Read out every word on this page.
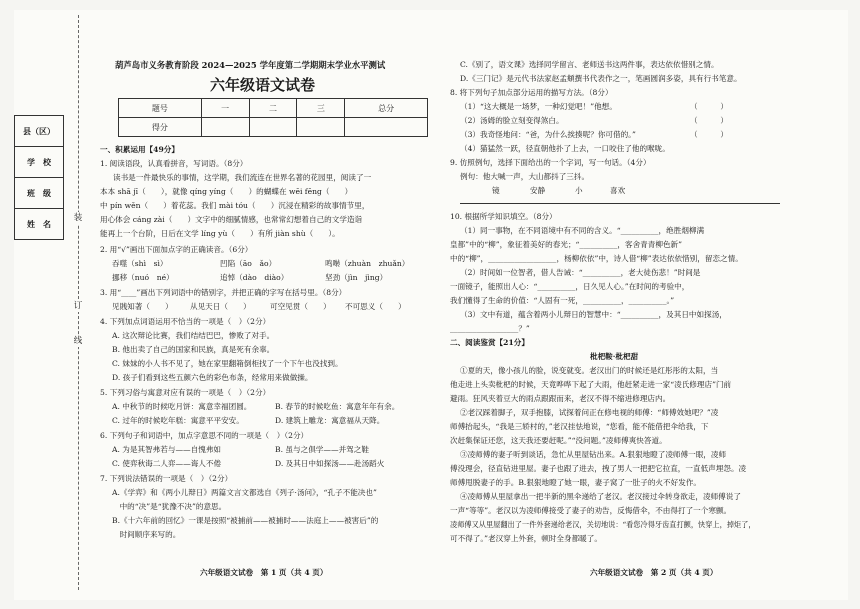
县（区）
学　校
班　级
姓　名
装
订
线
葫芦岛市义务教育阶段 2024—2025 学年度第二学期期末学业水平测试
六年级语文试卷
题号	一	二	三	总分
得分				
一、积累运用【49分】
1. 阅读语段，认真看拼音，写词语。（8分）
读书是一件最快乐的事情，这学期，我们流连在世界名著的花园里，阅读了一
本本 shā jī（　　），就像 qíng yíng（　　）的蝴蝶在 wēi fēng（　　）
中 pín wěn（　　）着花蕊。我们 mài tóu（　　）沉浸在精彩的故事情节里，
用心体会 cáng zài（　　）文字中的细腻情感，也常常幻想着自己的文学造诣
能再上一个台阶，日后在文学 líng yù（　　）有所 jiàn shù（　　）。
2. 用“√”画出下面加点字的正确读音。（6分）
吞噬（shì　sì）	凹陷（āo　ǎo）	鸣啭（zhuàn　zhuǎn）
挪移（nuó　né）	追悼（dào　diào）	坚劲（jìn　jìng）
3. 用“____”画出下列词语中的错别字，并把正确的字写在括号里。（8分）
见賎知著（　　） 从见天日（　　）	可空见贯（　　） 不可思义（　　）
4. 下列加点词语运用不恰当的一项是（　）（2分）
A. 这次辩论比赛，我们结结巴巴，惨败了对手。
B. 他出卖了自己的国家和民族，真是死有余辜。
C. 妹妹的小人书不见了，她在家里翻箱倒柜找了一个下午也没找到。
D. 孩子们看到这些五颜六色的彩色布条，经常用来做做操。
5. 下列习俗与寓意对应有误的一项是（　）（2分）
A. 中秋节的时候吃月饼：寓意幸福团圆。	B. 春节的时候吃鱼：寓意年年有余。
C. 过年的时候吃年糕：寓意平平安安。	D. 建筑上雕龙：寓意福从天降。
6. 下列句子和词语中，加点字意思不同的一项是（　）（2分）
A. 为是其智弗若与——自愧弗如	B. 虽与之俱学——并驾之鞋
C. 使弈秋诲二人弈——诲人不倦	D. 及其日中如探汤——赴汤蹈火
7. 下列说法错误的一项是（　）（2分）
A.《学弈》和《两小儿辩日》两篇文言文都选自《列子·汤问》，“孔子不能决也”
　中的“决”是“犹豫不决”的意思。
B.《十六年前的回忆》一课是按照“被捕前——被捕时——法庭上——被害后”的
　时间顺序来写的。
六年级语文试卷　第 1 页（共 4 页）
C.《别了，语文课》选择同学留言、老师送书这两件事，表达依依惜别之情。
D.《三门记》是元代书法家赵孟頫撰书代表作之一，笔画圆润多姿，具有行书笔意。
8. 将下列句子加点部分运用的描写方法。（8分）
（1）“这大概是一场梦，一种幻觉吧！”他想。	（　　　）
（2）汤姆的脸立刻变得煞白。	（　　　）
（3）我奇怪地问：“爸，为什么挨揍呢？你可借的。”	（　　　）
（4）猫猛然一跃，径直朝他扑了上去，一口咬住了他的喉咙。
9. 仿照例句，选择下面给出的一个字词，写一句话。（4分）
例句：他大喊一声，大山都抖了三抖。
镜	安静	小	喜欢
10. 根据所学知识填空。（8分）
（1）同一事物，在不同语境中有不同的含义。“__________，绝胜烟柳满
皇都”中的“柳”，象征着美好的春光；“__________，客舍青青柳色新”
中的“柳”，__________________，杨柳依依”中，诗人借“柳”表达依依惜别，留恋之情。
（2）时间如一位智者，借人告诫：“__________，老大徒伤悲！”时间是
一面镜子，能照出人心：“__________，日久见人心。”在时间的考验中，
我们懂得了生命的价值：“人固有一死，__________，__________。”
（3）文中有道，蕴含着两小儿辩日的智慧中：“__________，及其日中如探汤，
__________________？”
二、阅读鉴赏【21分】
枇杷鞍·枇杷甜
①夏的天，像小孩儿的脸，说变就变。老汉出门的时候还是红彤彤的太阳，当
他走进上头卖枇杷的时候，天竟哗哗下起了大雨，他赶紧走进一家“凌氏修理店”门前
避雨。狂风夹着豆大的雨点跟跟而来，老汉不得不缩进修理店内。
②老汉踩着脚子，双手抱膝，试探着问正在修电视的师傅：“师傅效她吧？”凌
师傅抬起头，“我是三轿村的，”老汉挂怯地说，“您看，能不能借把伞给我，下
次赶集保证还您，这天我还要赶呢。”“没问题。”凌师傅爽快答道。
③凌师傅的妻子听到谈话，急忙从里屋钻出来。A.狠狠地瞪了凌师傅一眼，凌师
傅没理会，径直钻进里屋。妻子也跟了进去，拽了男人一把把它拉直，一直低声埋怨。凌
师傅甩脱妻子的手。B.狠狠地瞪了她一眼，妻子窝了一肚子的火不好发作。
④凌师傅从里屋拿出一把半新的黑伞递给了老汉。老汉接过伞转身欲走，凌师傅说了
一声“等等”。老汉以为凌师傅接受了妻子的劝告，反悔借伞，不由得打了一个寒颤。
凌师傅又从里屋翻出了一件外套递给老汉，关切地说：“看您冷得牙齿直打颤，快穿上，掉炬了，
可不得了。”老汉穿上外套，顿时全身都暖了。
六年级语文试卷　第 2 页（共 4 页）
